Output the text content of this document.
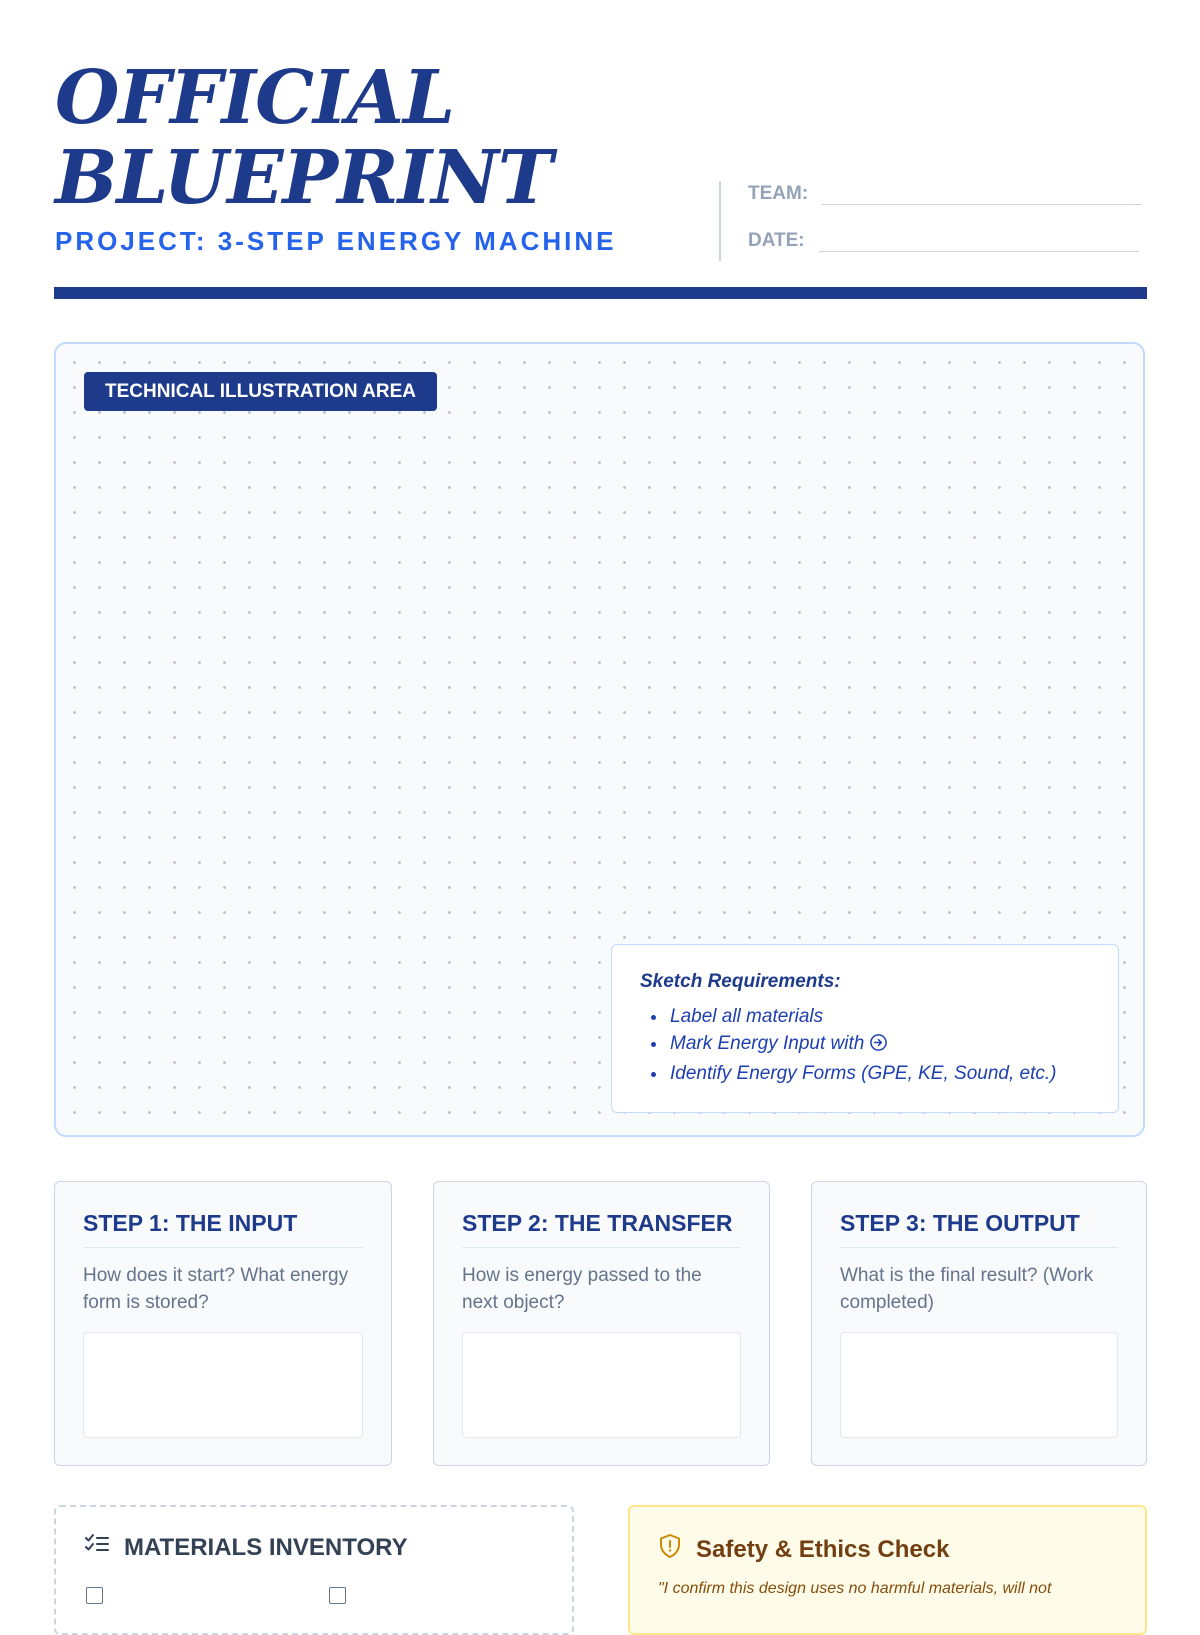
OFFICIAL
BLUEPRINT
PROJECT: 3-STEP ENERGY MACHINE
TEAM:
DATE:
TECHNICAL ILLUSTRATION AREA
Sketch Requirements:
• Label all materials
• Mark Energy Input with
• Identify Energy Forms (GPE, KE, Sound, etc.)
STEP 1: THE INPUT
How does it start? What energy form is stored?
STEP 2: THE TRANSFER
How is energy passed to the next object?
STEP 3: THE OUTPUT
What is the final result? (Work completed)
MATERIALS INVENTORY	Safety & Ethics Check
"I confirm this design uses no harmful materials, will not
